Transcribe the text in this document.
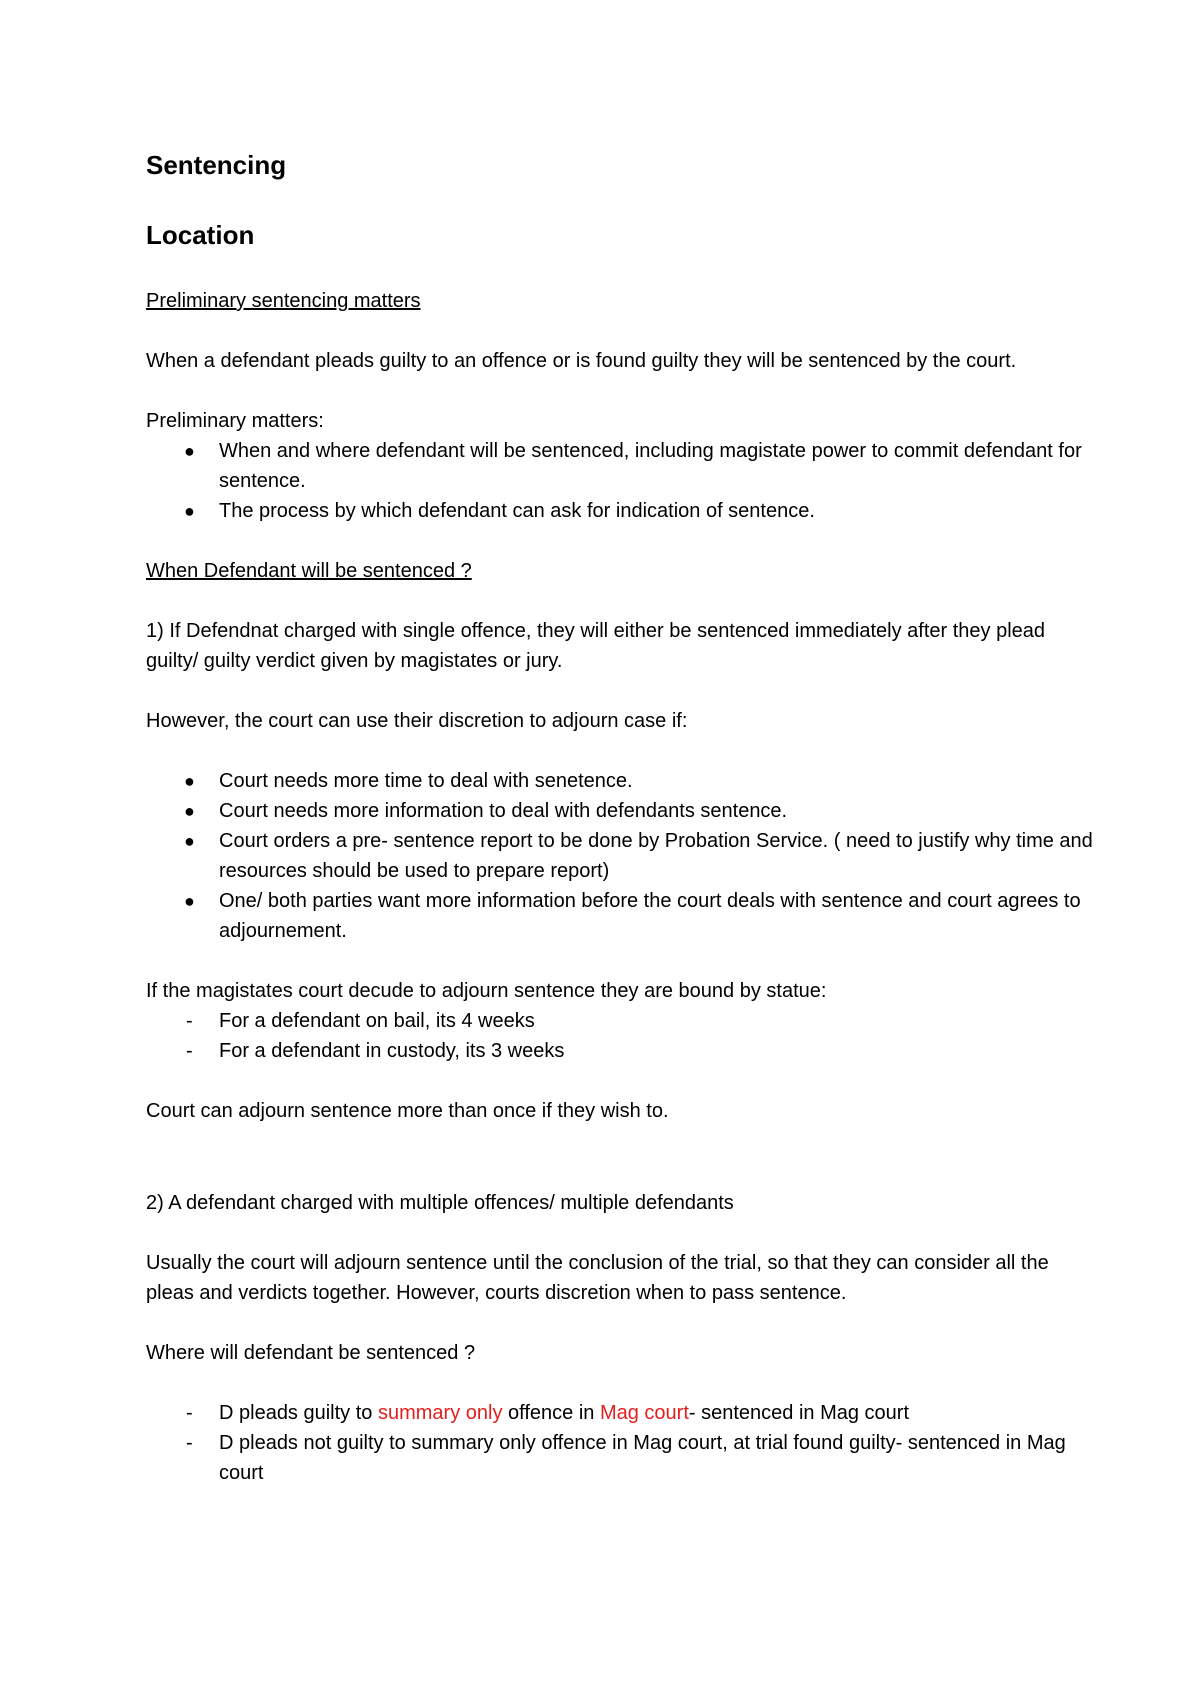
Sentencing

Location

Preliminary sentencing matters

When a defendant pleads guilty to an offence or is found guilty they will be sentenced by the court.

Preliminary matters:

● When and where defendant will be sentenced, including magistate power to commit defendant for sentence.
● The process by which defendant can ask for indication of sentence.

When Defendant will be sentenced ?

1) If Defendnat charged with single offence, they will either be sentenced immediately after they plead guilty/ guilty verdict given by magistates or jury.

However, the court can use their discretion to adjourn case if:

● Court needs more time to deal with senetence.
● Court needs more information to deal with defendants sentence.
● Court orders a pre- sentence report to be done by Probation Service. ( need to justify why time and resources should be used to prepare report)
● One/ both parties want more information before the court deals with sentence and court agrees to adjournement.

If the magistates court decude to adjourn sentence they are bound by statue:

- For a defendant on bail, its 4 weeks
- For a defendant in custody, its 3 weeks

Court can adjourn sentence more than once if they wish to.

2) A defendant charged with multiple offences/ multiple defendants

Usually the court will adjourn sentence until the conclusion of the trial, so that they can consider all the pleas and verdicts together. However, courts discretion when to pass sentence.

Where will defendant be sentenced ?

- D pleads guilty to summary only offence in Mag court- sentenced in Mag court
- D pleads not guilty to summary only offence in Mag court, at trial found guilty- sentenced in Mag court
